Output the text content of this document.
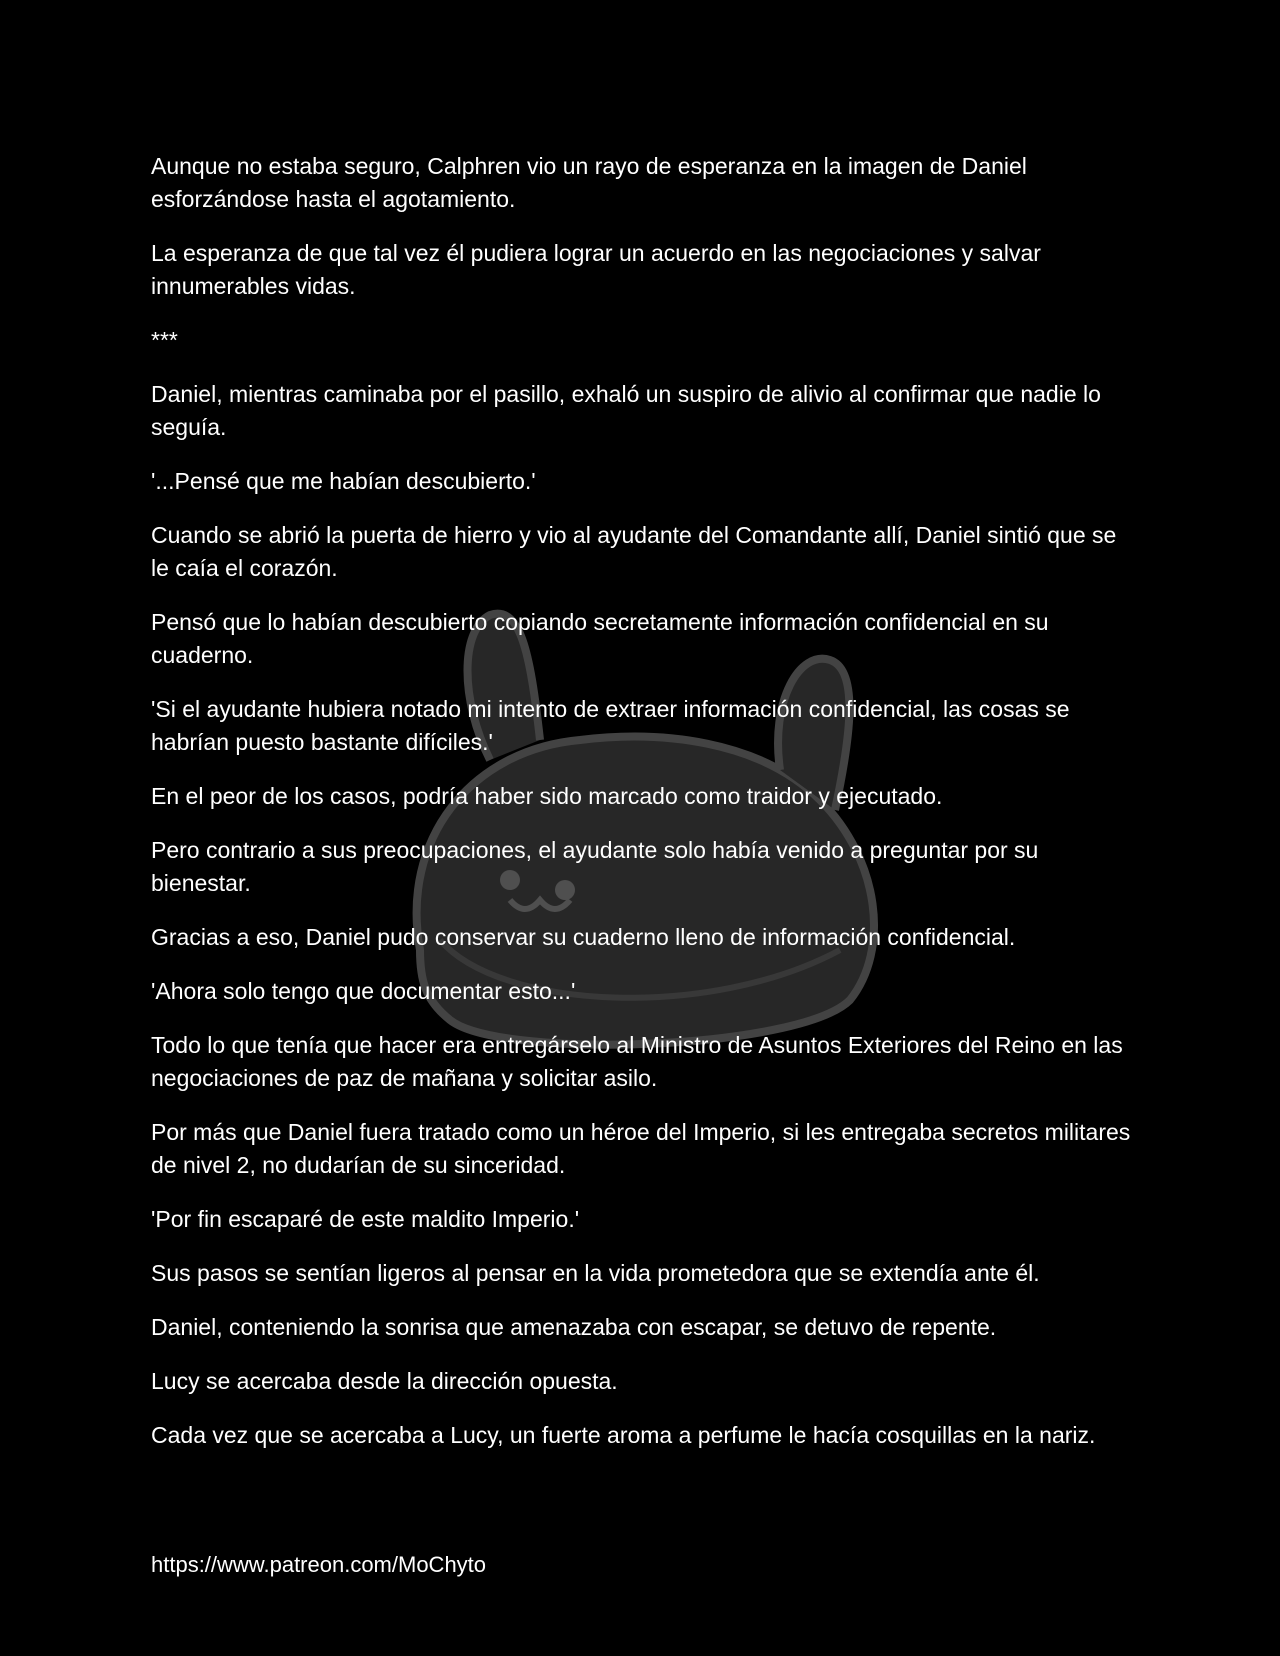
Aunque no estaba seguro, Calphren vio un rayo de esperanza en la imagen de Daniel esforzándose hasta el agotamiento.

La esperanza de que tal vez él pudiera lograr un acuerdo en las negociaciones y salvar innumerables vidas.

***

Daniel, mientras caminaba por el pasillo, exhaló un suspiro de alivio al confirmar que nadie lo seguía.

'...Pensé que me habían descubierto.'

Cuando se abrió la puerta de hierro y vio al ayudante del Comandante allí, Daniel sintió que se le caía el corazón.

Pensó que lo habían descubierto copiando secretamente información confidencial en su cuaderno.

'Si el ayudante hubiera notado mi intento de extraer información confidencial, las cosas se habrían puesto bastante difíciles.'

En el peor de los casos, podría haber sido marcado como traidor y ejecutado.

Pero contrario a sus preocupaciones, el ayudante solo había venido a preguntar por su bienestar.

Gracias a eso, Daniel pudo conservar su cuaderno lleno de información confidencial.

'Ahora solo tengo que documentar esto...'

Todo lo que tenía que hacer era entregárselo al Ministro de Asuntos Exteriores del Reino en las negociaciones de paz de mañana y solicitar asilo.

Por más que Daniel fuera tratado como un héroe del Imperio, si les entregaba secretos militares de nivel 2, no dudarían de su sinceridad.

'Por fin escaparé de este maldito Imperio.'

Sus pasos se sentían ligeros al pensar en la vida prometedora que se extendía ante él.

Daniel, conteniendo la sonrisa que amenazaba con escapar, se detuvo de repente.

Lucy se acercaba desde la dirección opuesta.

Cada vez que se acercaba a Lucy, un fuerte aroma a perfume le hacía cosquillas en la nariz.

https://www.patreon.com/MoChyto
